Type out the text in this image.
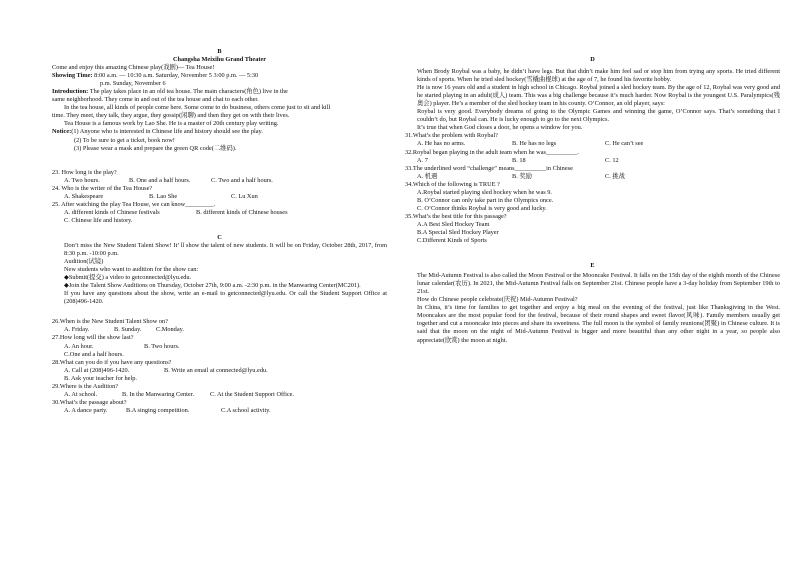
B

Changsha Meixihu Grand Theater

Come and enjoy this amazing Chinese play(戏剧)— Tea House!

Showing Time: 8:00 a.m. — 10:30 a.m. Saturday, November 5 3:00 p.m. — 5:30

p.m. Sunday, November 6

Introduction: The play takes place in an old tea house. The main characters(角色) live in the

same neighborhood. They come in and out of the tea house and chat to each other.

In the tea house, all kinds of people come here. Some come to do business, others come just to sit and kill

time. They meet, they talk, they argue, they gossip(闲聊) and then they get on with their lives.

Tea House is a famous work by Lao She. He is a master of 20th century play writing.

Notice:(1) Anyone who is interested in Chinese life and history should see the play.

(2) To be sure to get a ticket, book now!

(3) Please wear a mask and prepare the green QR code(二维码).

23. How long is the play?

A. Two hours.	B. One and a half hours.	C. Two and a half hours.

24. Who is the writer of the Tea House?

A. Shakespeare	B. Lao She	C. Lu Xun

25. After watching the play Tea House, we can know_________.

A. different kinds of Chinese festivals	B. different kinds of Chinese houses

C. Chinese life and history.

C

Don’t miss the New Student Talent Show! It’ ll show the talent of new students. It will be on Friday, October 28th, 2017, from 8:30 p.m. -10:00 p.m.

Audition(试镜)

New students who want to audition for the show can:

◆Submit(提交) a video to getconnected@lyu.edu.

◆Join the Talent Show Auditions on Thursday, October 27th, 9:00 a.m. -2:30 p.m. in the Manwaring Center(MC201).

If you have any questions about the show, write an e-mail to getconnected@lyu.edu. Or call the Student Support Office at (208)496-1420.

26.When is the New Student Talent Show on?

A. Friday.	B. Sunday.	C.Monday.

27.How long will the show last?

A. An hour.	B. Two hours.

C.One and a half hours.

28.What can you do if you have any questions?

A. Call at (208)496-1420.	B. Write an email at connected@lyu.edu.

B. Ask your teacher for help.

29.Where is the Audition?

A. At school.	B. In the Manwaring Center.	C. At the Student Support Office.

30.What’s the passage about?

A. A dance party.	B.A singing competition.	C.A school activity.

D

When Brody Roybal was a baby, he didn’t have legs. But that didn’t make him feel sad or stop him from trying any sports. He tried different kinds of sports. When he tried sled hockey(雪橇曲棍球) at the age of 7, he found his favorite hobby.

He is now 16 years old and a student in high school in Chicago. Roybal joined a sled hockey team. By the age of 12, Roybal was very good and he started playing in an adult(成人) team. This was a big challenge because it’s much harder. Now Roybal is the youngest U.S. Paralympics(残奥会) player. He’s a member of the sled hockey team in his county. O’Connor, an old player, says:

Roybal is very good. Everybody dreams of going to the Olympic Games and winning the game, O’Connor says. That’s something that I couldn’t do, but Roybal can. He is lucky enough to go to the next Olympics.

It’s true that when God closes a door, he opens a window for you.

31.What’s the problem with Roybal?

A. He has no arms.	B. He has no legs	C. He can’t see

32.Roybal began playing in the adult team when he was__________.

A. 7	B. 18	C. 12

33.The underlined word “challenge” means__________in Chinese

A. 机遇	B. 奖励	C. 挑战

34.Which of the following is TRUE ?

A.Roybal started playing sled hockey when he was 9.

B. O’Connor can only take part in the Olympics once.

C. O’Connor thinks Roybal is very good and lucky.

35.What’s the best title for this passage?

A.A Best Sled Hockey Team

B.A Special Sled Hockey Player

C.Different Kinds of Sports

E

The Mid-Autumn Festival is also called the Moon Festival or the Mooncake Festival. It falls on the 15th day of the eighth month of the Chinese lunar calendar(农历). In 2021, the Mid-Autumn Festival falls on September 21st. Chinese people have a 3-day holiday from September 19th to 21st.

How do Chinese people celebrate(庆祝) Mid-Autumn Festival?

In China, it’s time for families to get together and enjoy a big meal on the evening of the festival, just like Thanksgiving in the West. Mooncakes are the most popular food for the festival, because of their round shapes and sweet flavor(风味). Family members usually get together and cut a mooncake into pieces and share its sweetness. The full moon is the symbol of family reunions(团聚) in Chinese culture. It is said that the moon on the night of Mid-Autumn Festival is bigger and more beautiful than any other night in a year, so people also appreciate(欣赏) the moon at night.
